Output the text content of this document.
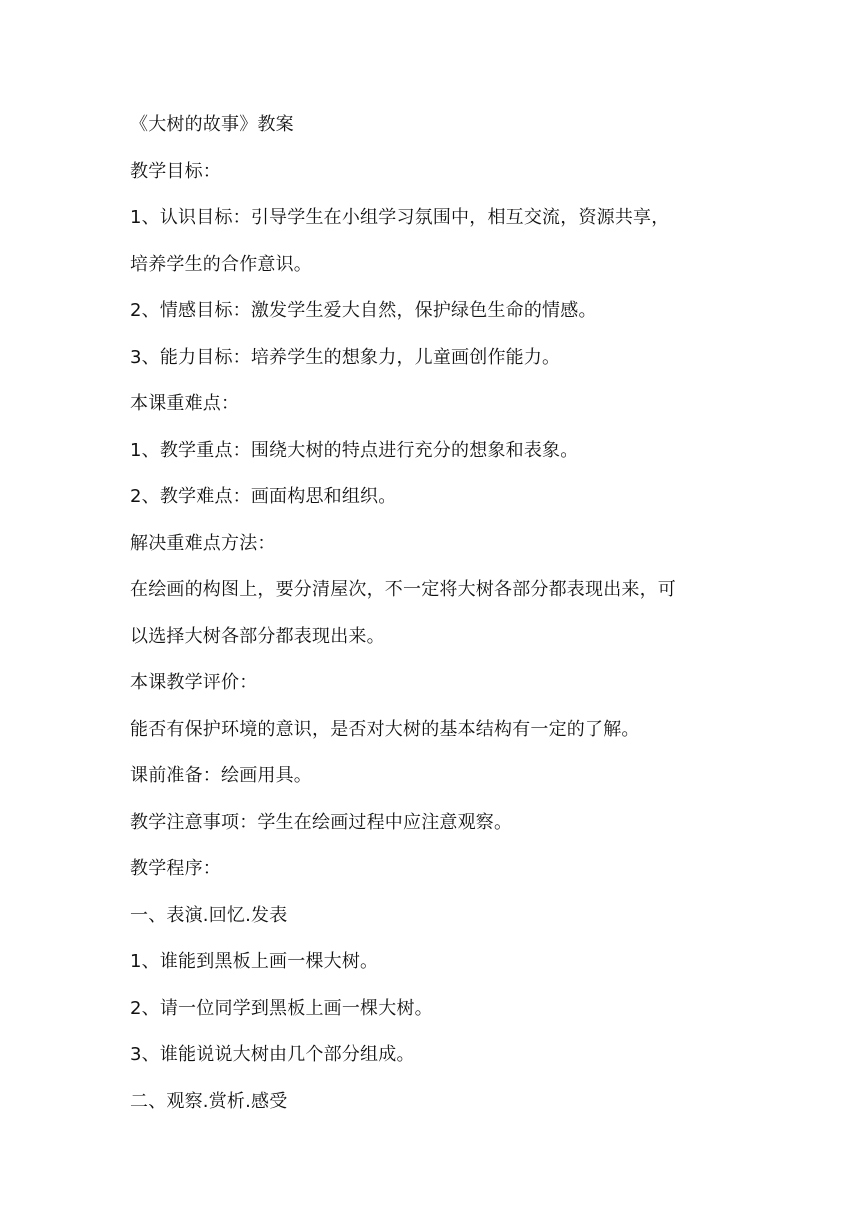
《大树的故事》教案
教学目标：
1、认识目标：引导学生在小组学习氛围中，相互交流，资源共享，
培养学生的合作意识。
2、情感目标：激发学生爱大自然，保护绿色生命的情感。
3、能力目标：培养学生的想象力，儿童画创作能力。
本课重难点：
1、教学重点：围绕大树的特点进行充分的想象和表象。
2、教学难点：画面构思和组织。
解决重难点方法：
在绘画的构图上，要分清屋次，不一定将大树各部分都表现出来，可
以选择大树各部分都表现出来。
本课教学评价：
能否有保护环境的意识，是否对大树的基本结构有一定的了解。
课前准备：绘画用具。
教学注意事项：学生在绘画过程中应注意观察。
教学程序：
一、表演.回忆.发表
1、谁能到黑板上画一棵大树。
2、请一位同学到黑板上画一棵大树。
3、谁能说说大树由几个部分组成。
二、观察.赏析.感受
